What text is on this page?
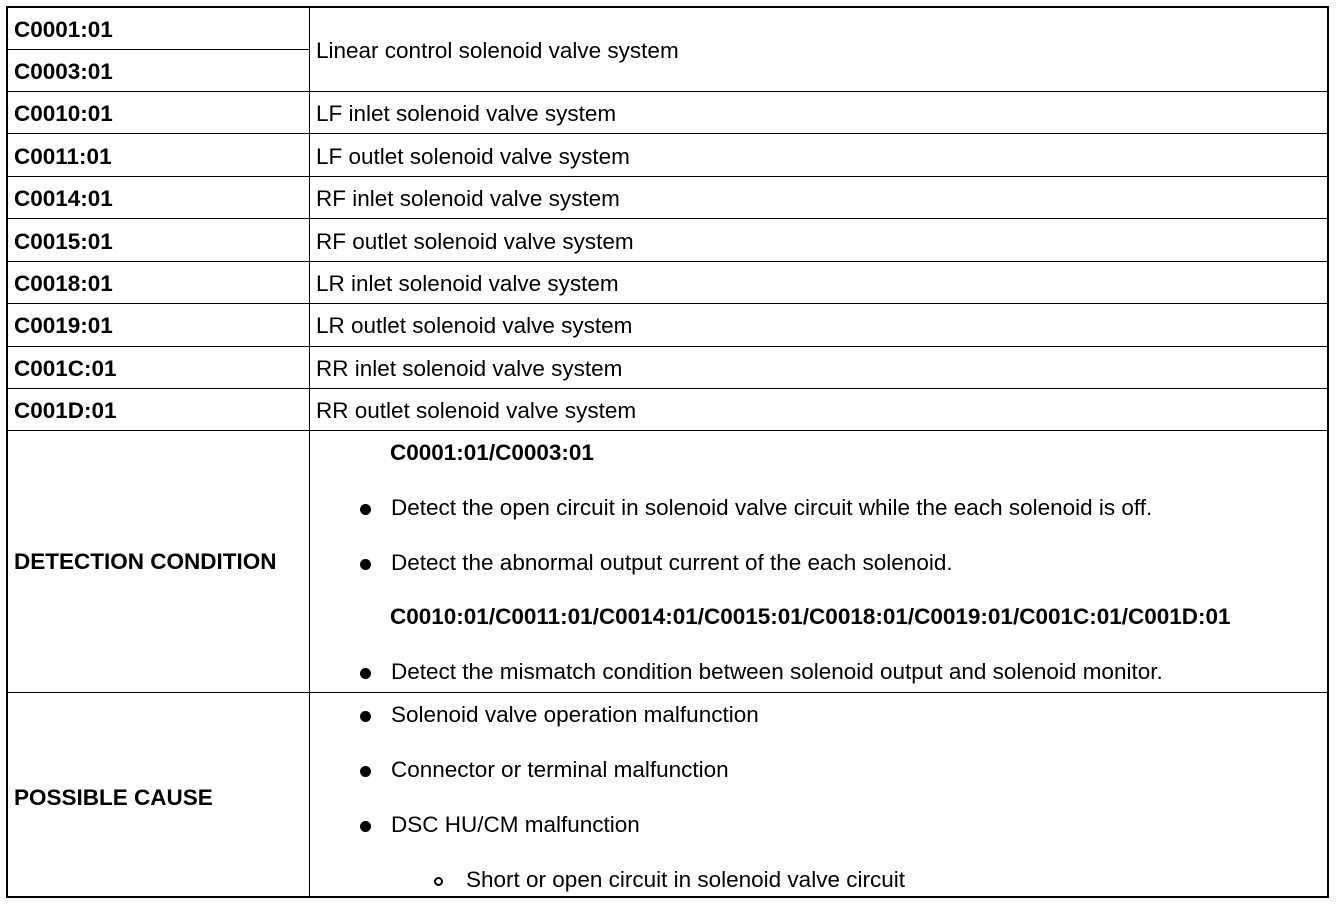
C0001:01
C0003:01
C0010:01
C0011:01
C0014:01
C0015:01
C0018:01
C0019:01
C001C:01
C001D:01
Linear control solenoid valve system
LF inlet solenoid valve system
LF outlet solenoid valve system
RF inlet solenoid valve system
RF outlet solenoid valve system
LR inlet solenoid valve system
LR outlet solenoid valve system
RR inlet solenoid valve system
RR outlet solenoid valve system
DETECTION CONDITION
C0001:01/C0003:01
Detect the open circuit in solenoid valve circuit while the each solenoid is off.
Detect the abnormal output current of the each solenoid.
C0010:01/C0011:01/C0014:01/C0015:01/C0018:01/C0019:01/C001C:01/C001D:01
Detect the mismatch condition between solenoid output and solenoid monitor.
POSSIBLE CAUSE
Solenoid valve operation malfunction
Connector or terminal malfunction
DSC HU/CM malfunction
Short or open circuit in solenoid valve circuit
